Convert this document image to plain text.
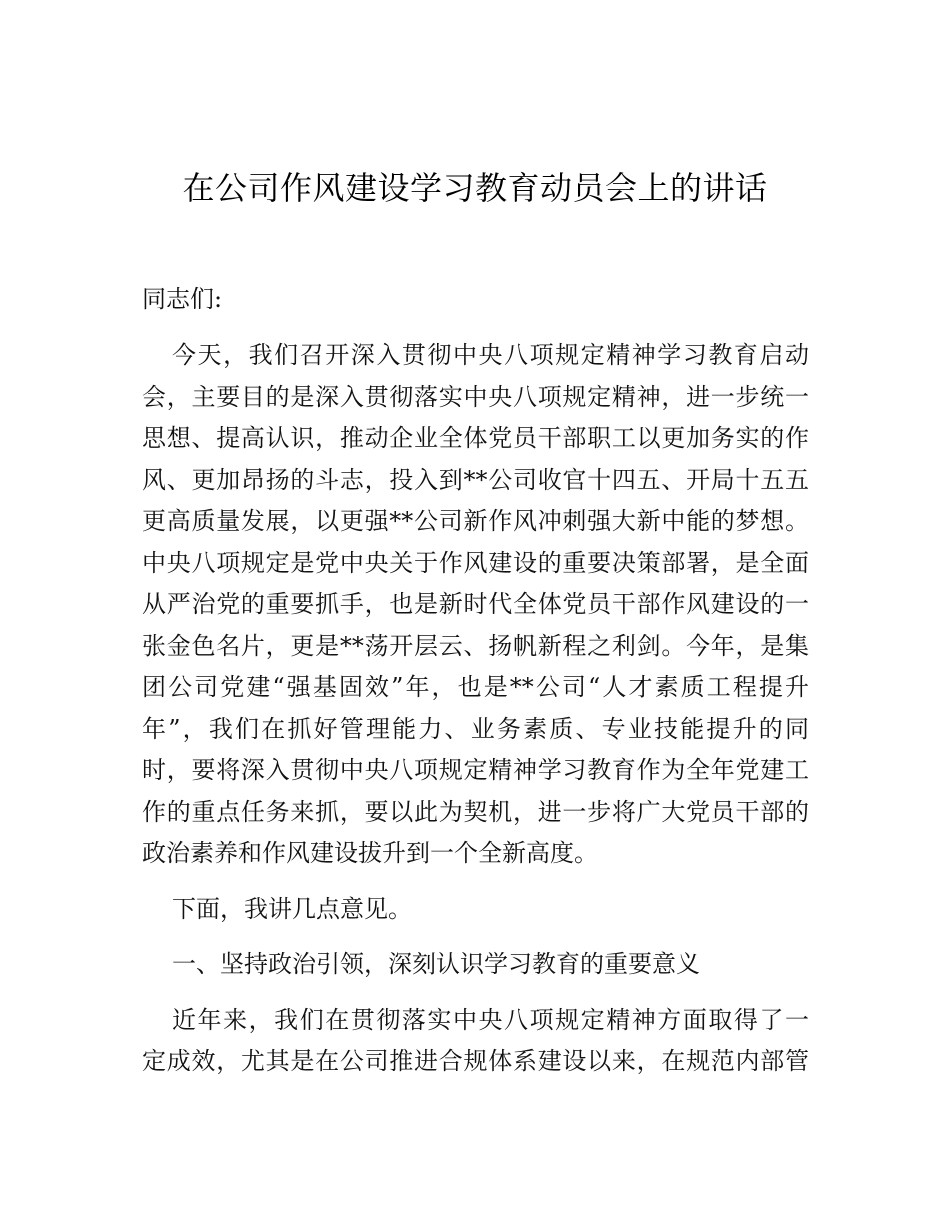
在公司作风建设学习教育动员会上的讲话
同志们:
今天，我们召开深入贯彻中央八项规定精神学习教育启动
会，主要目的是深入贯彻落实中央八项规定精神，进一步统一
思想、提高认识，推动企业全体党员干部职工以更加务实的作
风、更加昂扬的斗志，投入到**公司收官十四五、开局十五五
更高质量发展，以更强**公司新作风冲刺强大新中能的梦想。
中央八项规定是党中央关于作风建设的重要决策部署，是全面
从严治党的重要抓手，也是新时代全体党员干部作风建设的一
张金色名片，更是**荡开层云、扬帆新程之利剑。今年，是集
团公司党建“强基固效”年，也是**公司“人才素质工程提升
年”，我们在抓好管理能力、业务素质、专业技能提升的同
时，要将深入贯彻中央八项规定精神学习教育作为全年党建工
作的重点任务来抓，要以此为契机，进一步将广大党员干部的
政治素养和作风建设拔升到一个全新高度。
下面，我讲几点意见。
一、坚持政治引领，深刻认识学习教育的重要意义
近年来，我们在贯彻落实中央八项规定精神方面取得了一
定成效，尤其是在公司推进合规体系建设以来，在规范内部管
